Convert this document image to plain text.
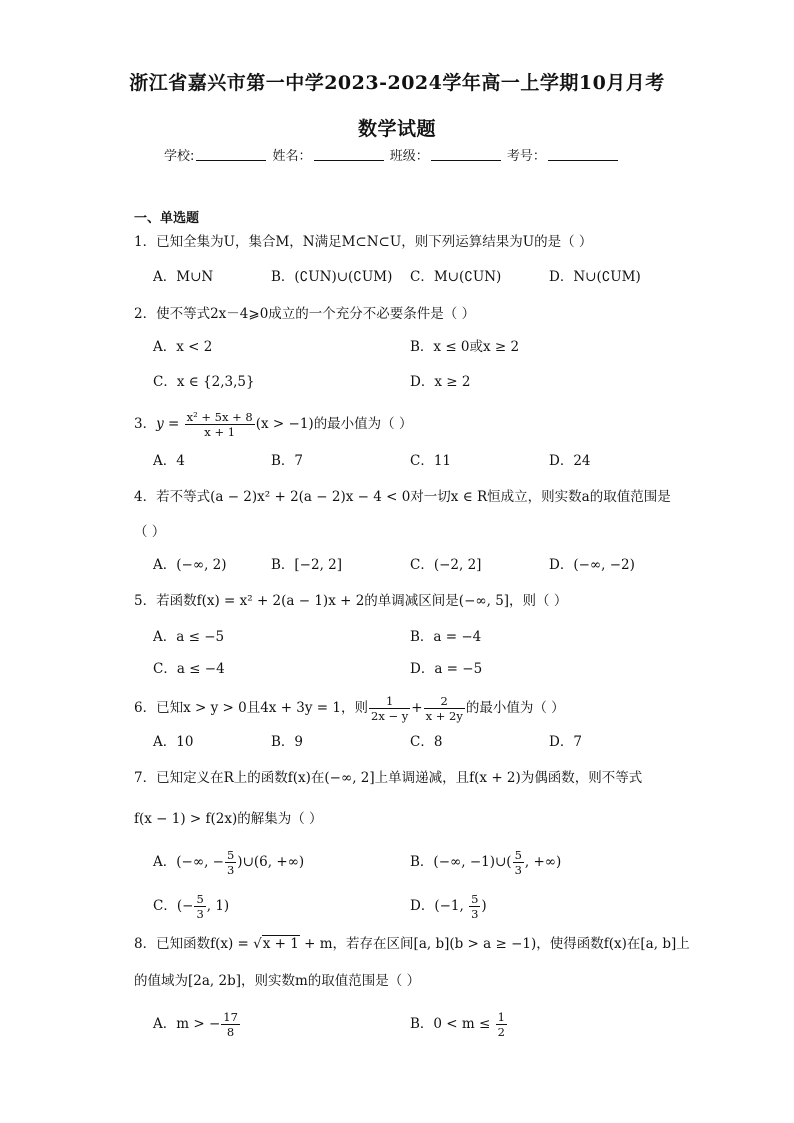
浙江省嘉兴市第一中学2023-2024学年高一上学期10月月考
数学试题
学校:	姓名：	班级：	考号：
一、单选题
1．已知全集为U，集合M，N满足M⊂N⊂U，则下列运算结果为U的是（ ）
A．M∪N	B．(∁UN)∪(∁UM) C．M∪(∁UN)	D．N∪(∁UM)
2．使不等式2x－4⩾0成立的一个充分不必要条件是（ ）
A．x < 2	B．x ≤ 0或x ≥ 2
C．x ∈ {2,3,5}	D．x ≥ 2
3．$y = \frac{\text{x² + 5x + 8}}{x + 1} (x > -1)$的最小值为（ ）
A．4	B．7	C．11	D．24
4．若不等式(a − 2)x² + 2(a − 2)x − 4 < 0对一切x ∈ R恒成立，则实数a的取值范围是
（ ）
A．(−∞, 2)	B．[−2, 2]	C．(−2, 2]	D．(−∞, −2)
5．若函数f(x) = x² + 2(a − 1)x + 2的单调减区间是(−∞, 5]，则（ ）
A．a ≤ −5	B．a = −4
C．a ≤ −4	D．a = −5
6．已知x > y > 0且4x + 3y = 1，则 $\frac{1}{2x - y} + \frac{2}{x + 2y}$ 的最小值为（ ）
A．10	B．9	C．8	D．7
7．已知定义在R上的函数f(x)在(−∞, 2]上单调递减，且f(x + 2)为偶函数，则不等式
f(x − 1) > f(2x)的解集为（ ）
A．(−∞, − $\frac{5}{3}$ )∪(6, +∞)	B．(−∞, −1)∪( $\frac{5}{3}$ , +∞)
C．(− $\frac{5}{3}$ , 1)	D．(−1, $\frac{5}{3}$ )
8．已知函数f(x) = √x + 1 + m，若存在区间[a, b](b > a ≥ −1)，使得函数f(x)在[a, b]上
的值域为[2a, 2b]，则实数m的取值范围是（ ）
A．m > − $\frac{17}{8}$	B．$0 < m \le \frac{1}{2}$
